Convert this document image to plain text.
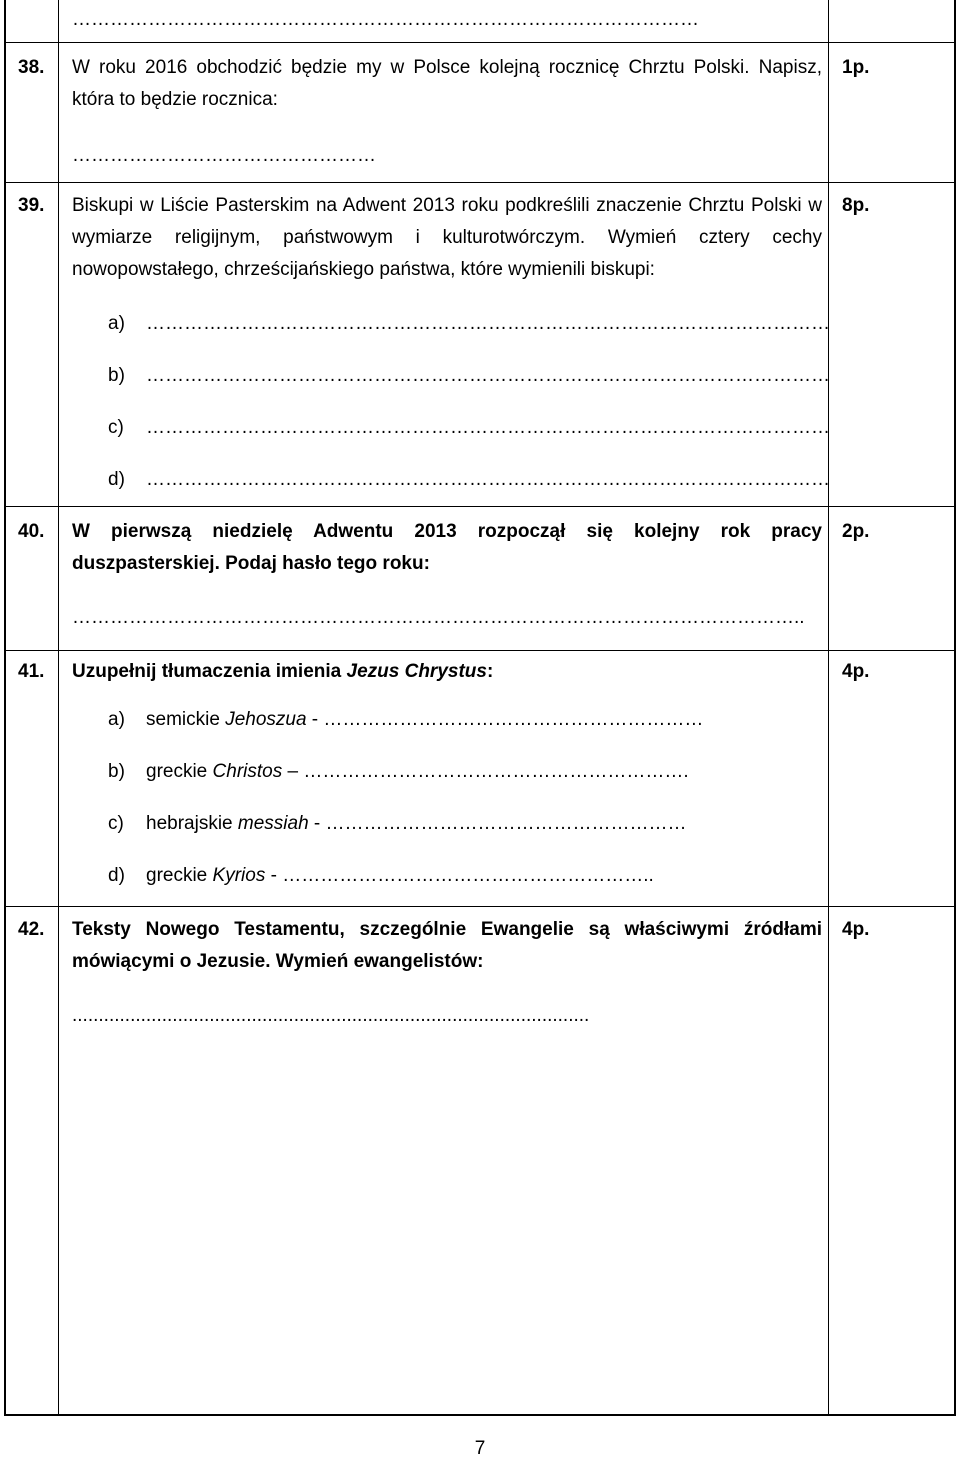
………………………………………………………………………………………
38. W roku 2016 obchodzić będzie my w Polsce kolejną rocznicę Chrztu Polski. Napisz, która to będzie rocznica:
1p.
…………………………………………
39. Biskupi w Liście Pasterskim na Adwent 2013 roku podkreślili znaczenie Chrztu Polski w wymiarze religijnym, państwowym i kulturotwórczym. Wymień cztery cechy nowopowstałego, chrześcijańskiego państwa, które wymienili biskupi:
8p.
a) ………………………………………………………………………………………………
b) ………………………………………………………………………………………………
c) ………………………………………………………………………………………………
d) ………………………………………………………………………………………………
40. W pierwszą niedzielę Adwentu 2013 rozpoczął się kolejny rok pracy duszpasterskiej. Podaj hasło tego roku:
2p.
……………………………………………………………………………………………………..
41. Uzupełnij tłumaczenia imienia Jezus Chrystus:	4p.
a) semickie Jehoszua - ……………………………………………………
b) greckie Christos – …………………………………………………….
c) hebrajskie messiah - …………………………………………………
d) greckie Kyrios - …………………………………………………..
42. Teksty Nowego Testamentu, szczególnie Ewangelie są właściwymi źródłami mówiącymi o Jezusie. Wymień ewangelistów:
4p.
..................................................................................................
7
